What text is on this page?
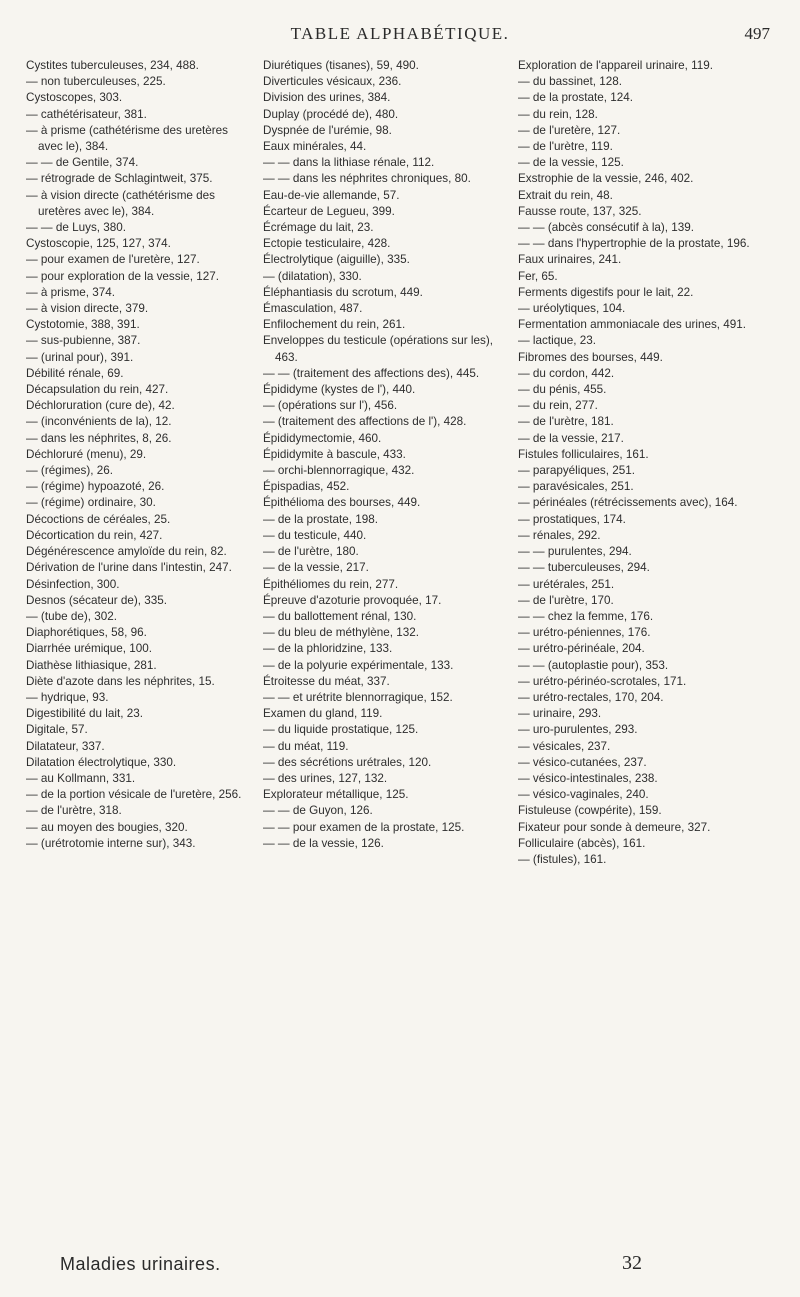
TABLE ALPHABÉTIQUE.	497
Cystites tuberculeuses, 234, 488.
— non tuberculeuses, 225.
Cystoscopes, 303.
— cathétérisateur, 381.
— à prisme (cathétérisme des uretères avec le), 384.
— — de Gentile, 374.
— rétrograde de Schlagintweit, 375.
— à vision directe (cathétérisme des uretères avec le), 384.
— — de Luys, 380.
Cystoscopie, 125, 127, 374.
— pour examen de l'uretère, 127.
— pour exploration de la vessie, 127.
— à prisme, 374.
— à vision directe, 379.
Cystotomie, 388, 391.
— sus-pubienne, 387.
— (urinal pour), 391.
Débilité rénale, 69.
Décapsulation du rein, 427.
Déchloruration (cure de), 42.
— (inconvénients de la), 12.
— dans les néphrites, 8, 26.
Déchloruré (menu), 29.
— (régimes), 26.
— (régime) hypoazoté, 26.
— (régime) ordinaire, 30.
Décoctions de céréales, 25.
Décortication du rein, 427.
Dégénérescence amyloïde du rein, 82.
Dérivation de l'urine dans l'intestin, 247.
Désinfection, 300.
Desnos (sécateur de), 335.
— (tube de), 302.
Diaphorétiques, 58, 96.
Diarrhée urémique, 100.
Diathèse lithiasique, 281.
Diète d'azote dans les néphrites, 15.
— hydrique, 93.
Digestibilité du lait, 23.
Digitale, 57.
Dilatateur, 337.
Dilatation électrolytique, 330.
— au Kollmann, 331.
— de la portion vésicale de l'uretère, 256.
— de l'urètre, 318.
— au moyen des bougies, 320.
— (urétrotomie interne sur), 343.
Diurétiques (tisanes), 59, 490.
Diverticules vésicaux, 236.
Division des urines, 384.
Duplay (procédé de), 480.
Dyspnée de l'urémie, 98.
Eaux minérales, 44.
— — dans la lithiase rénale, 112.
— — dans les néphrites chroniques, 80.
Eau-de-vie allemande, 57.
Écarteur de Legueu, 399.
Écrémage du lait, 23.
Ectopie testiculaire, 428.
Électrolytique (aiguille), 335.
— (dilatation), 330.
Éléphantiasis du scrotum, 449.
Émasculation, 487.
Enfilochement du rein, 261.
Enveloppes du testicule (opérations sur les), 463.
— — (traitement des affections des), 445.
Épididyme (kystes de l'), 440.
— (opérations sur l'), 456.
— (traitement des affections de l'), 428.
Épididymectomie, 460.
Épididymite à bascule, 433.
— orchi-blennorragique, 432.
Épispadias, 452.
Épithélioma des bourses, 449.
— de la prostate, 198.
— du testicule, 440.
— de l'urètre, 180.
— de la vessie, 217.
Épithéliomes du rein, 277.
Épreuve d'azoturie provoquée, 17.
— du ballottement rénal, 130.
— du bleu de méthylène, 132.
— de la phloridzine, 133.
— de la polyurie expérimentale, 133.
Étroitesse du méat, 337.
— — et urétrite blennorragique, 152.
Examen du gland, 119.
— du liquide prostatique, 125.
— du méat, 119.
— des sécrétions urétrales, 120.
— des urines, 127, 132.
Explorateur métallique, 125.
— — de Guyon, 126.
— — pour examen de la prostate, 125.
— — de la vessie, 126.
Exploration de l'appareil urinaire, 119.
— du bassinet, 128.
— de la prostate, 124.
— du rein, 128.
— de l'uretère, 127.
— de l'urètre, 119.
— de la vessie, 125.
Exstrophie de la vessie, 246, 402.
Extrait du rein, 48.
Fausse route, 137, 325.
— — (abcès consécutif à la), 139.
— — dans l'hypertrophie de la prostate, 196.
Faux urinaires, 241.
Fer, 65.
Ferments digestifs pour le lait, 22.
— uréolytiques, 104.
Fermentation ammoniacale des urines, 491.
— lactique, 23.
Fibromes des bourses, 449.
— du cordon, 442.
— du pénis, 455.
— du rein, 277.
— de l'urètre, 181.
— de la vessie, 217.
Fistules folliculaires, 161.
— parapyéliques, 251.
— paravésicales, 251.
— périnéales (rétrécissements avec), 164.
— prostatiques, 174.
— rénales, 292.
— — purulentes, 294.
— — tuberculeuses, 294.
— urétérales, 251.
— de l'urètre, 170.
— — chez la femme, 176.
— urétro-péniennes, 176.
— urétro-périnéale, 204.
— — (autoplastie pour), 353.
— urétro-périnéo-scrotales, 171.
— urétro-rectales, 170, 204.
— urinaire, 293.
— uro-purulentes, 293.
— vésicales, 237.
— vésico-cutanées, 237.
— vésico-intestinales, 238.
— vésico-vaginales, 240.
Fistuleuse (cowpérite), 159.
Fixateur pour sonde à demeure, 327.
Folliculaire (abcès), 161.
— (fistules), 161.
Maladies urinaires.	32
